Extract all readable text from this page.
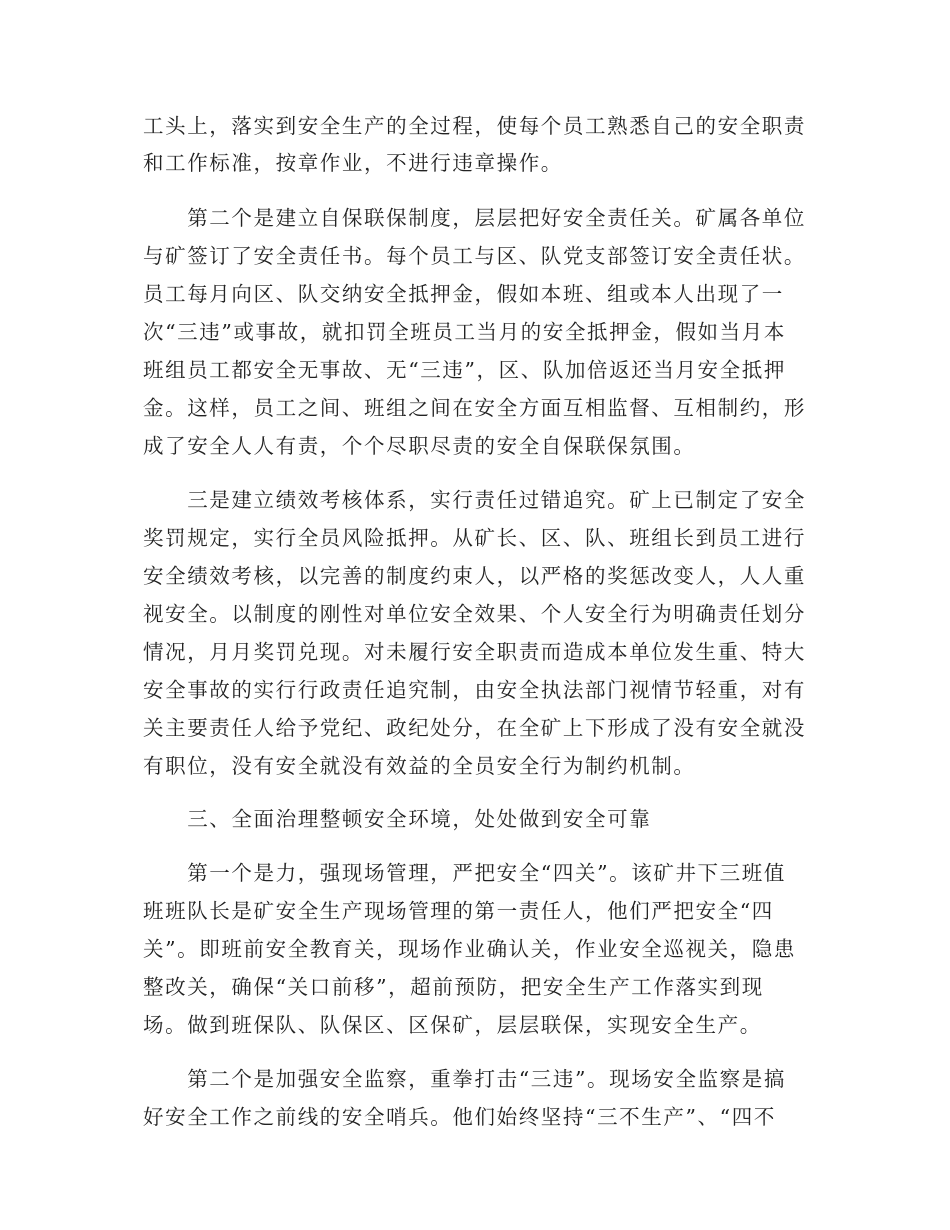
工头上，落实到安全生产的全过程，使每个员工熟悉自己的安全职责
和工作标准，按章作业，不进行违章操作。
　　第二个是建立自保联保制度，层层把好安全责任关。矿属各单位
与矿签订了安全责任书。每个员工与区、队党支部签订安全责任状。
员工每月向区、队交纳安全抵押金，假如本班、组或本人出现了一
次“三违”或事故，就扣罚全班员工当月的安全抵押金，假如当月本
班组员工都安全无事故、无“三违”，区、队加倍返还当月安全抵押
金。这样，员工之间、班组之间在安全方面互相监督、互相制约，形
成了安全人人有责，个个尽职尽责的安全自保联保氛围。
　　三是建立绩效考核体系，实行责任过错追究。矿上已制定了安全
奖罚规定，实行全员风险抵押。从矿长、区、队、班组长到员工进行
安全绩效考核，以完善的制度约束人，以严格的奖惩改变人，人人重
视安全。以制度的刚性对单位安全效果、个人安全行为明确责任划分
情况，月月奖罚兑现。对未履行安全职责而造成本单位发生重、特大
安全事故的实行行政责任追究制，由安全执法部门视情节轻重，对有
关主要责任人给予党纪、政纪处分，在全矿上下形成了没有安全就没
有职位，没有安全就没有效益的全员安全行为制约机制。
　　三、全面治理整顿安全环境，处处做到安全可靠
　　第一个是力，强现场管理，严把安全“四关”。该矿井下三班值
班班队长是矿安全生产现场管理的第一责任人，他们严把安全“四
关”。即班前安全教育关，现场作业确认关，作业安全巡视关，隐患
整改关，确保“关口前移”，超前预防，把安全生产工作落实到现
场。做到班保队、队保区、区保矿，层层联保，实现安全生产。
　　第二个是加强安全监察，重拳打击“三违”。现场安全监察是搞
好安全工作之前线的安全哨兵。他们始终坚持“三不生产”、“四不
